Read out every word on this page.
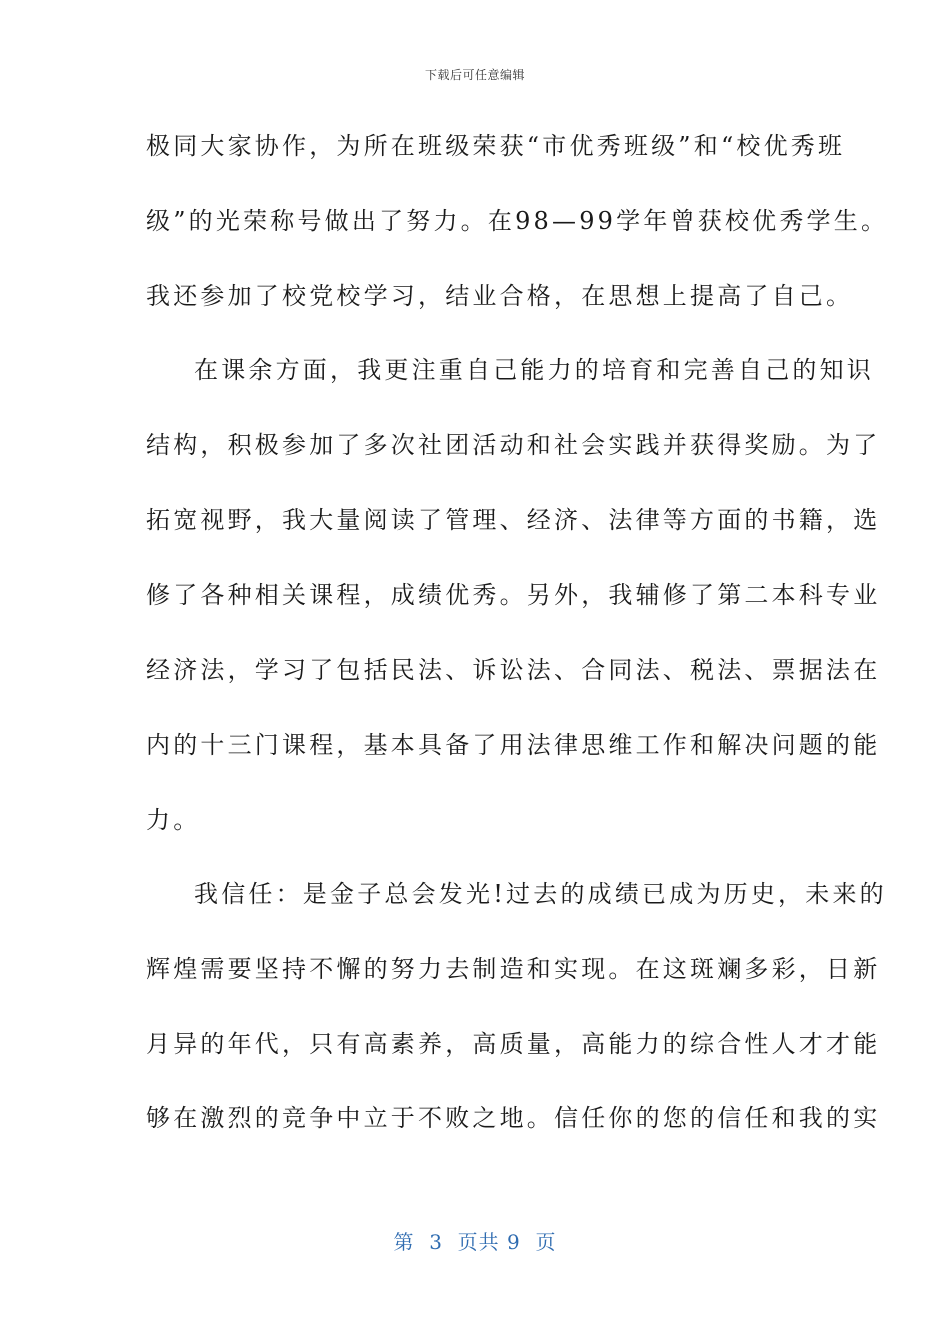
下载后可任意编辑
极同大家协作，为所在班级荣获“市优秀班级”和“校优秀班
级”的光荣称号做出了努力。在98—99学年曾获校优秀学生。
我还参加了校党校学习，结业合格，在思想上提高了自己。
在课余方面，我更注重自己能力的培育和完善自己的知识
结构，积极参加了多次社团活动和社会实践并获得奖励。为了
拓宽视野，我大量阅读了管理、经济、法律等方面的书籍，选
修了各种相关课程，成绩优秀。另外，我辅修了第二本科专业
经济法，学习了包括民法、诉讼法、合同法、税法、票据法在
内的十三门课程，基本具备了用法律思维工作和解决问题的能
力。
我信任：是金子总会发光!过去的成绩已成为历史，未来的
辉煌需要坚持不懈的努力去制造和实现。在这斑斓多彩，日新
月异的年代，只有高素养，高质量，高能力的综合性人才才能
够在激烈的竞争中立于不败之地。信任你的您的信任和我的实
第  3  页共 9  页
